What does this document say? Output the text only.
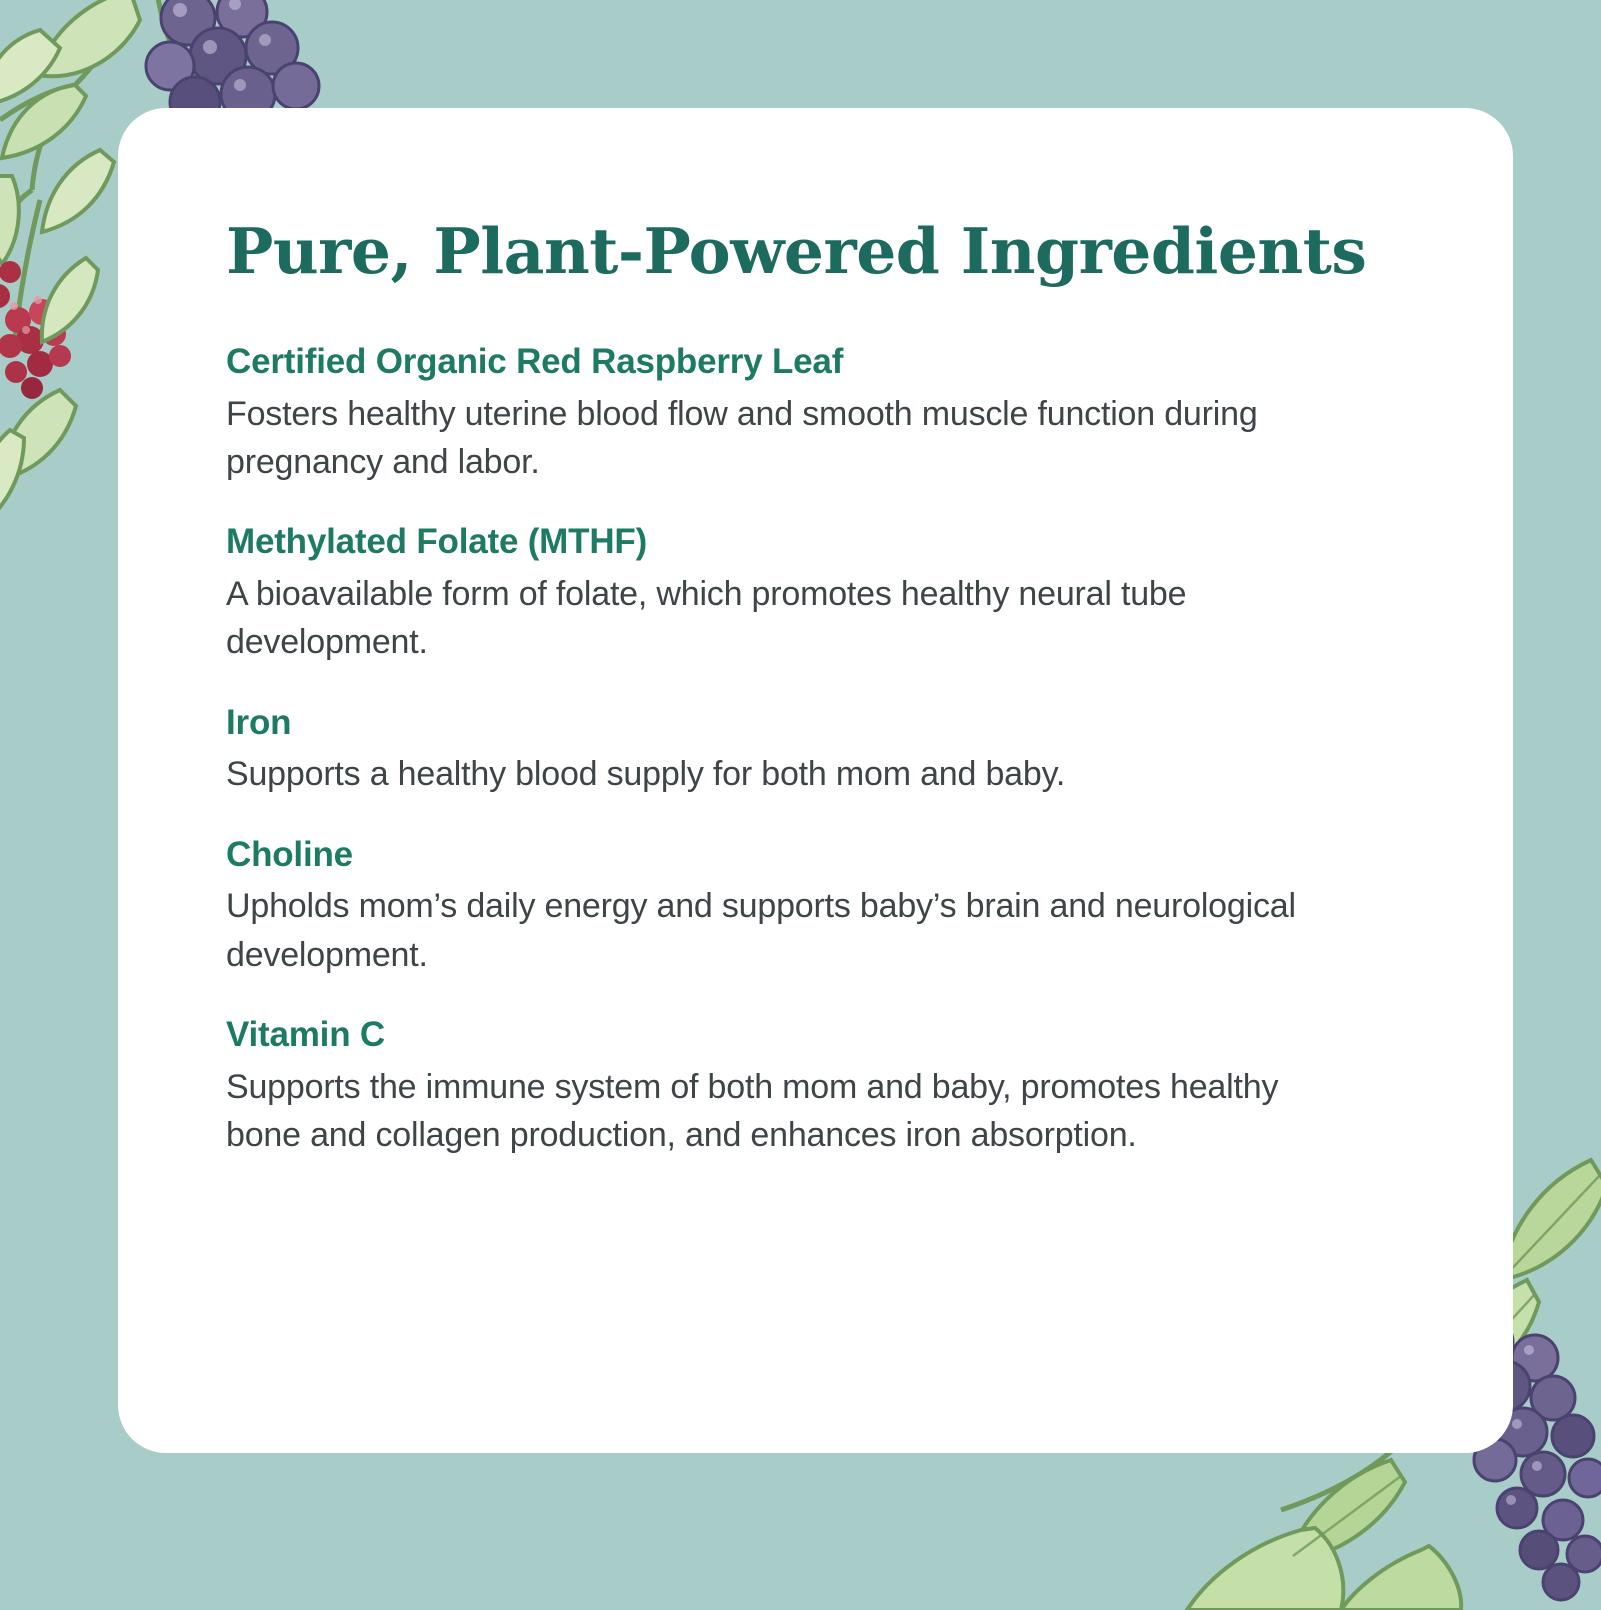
Pure, Plant-Powered Ingredients
Certified Organic Red Raspberry Leaf

Fosters healthy uterine blood flow and smooth muscle function during pregnancy and labor.

Methylated Folate (MTHF)

A bioavailable form of folate, which promotes healthy neural tube development.

Iron

Supports a healthy blood supply for both mom and baby.

Choline

Upholds mom’s daily energy and supports baby’s brain and neurological development.

Vitamin C

Supports the immune system of both mom and baby, promotes healthy bone and collagen production, and enhances iron absorption.
